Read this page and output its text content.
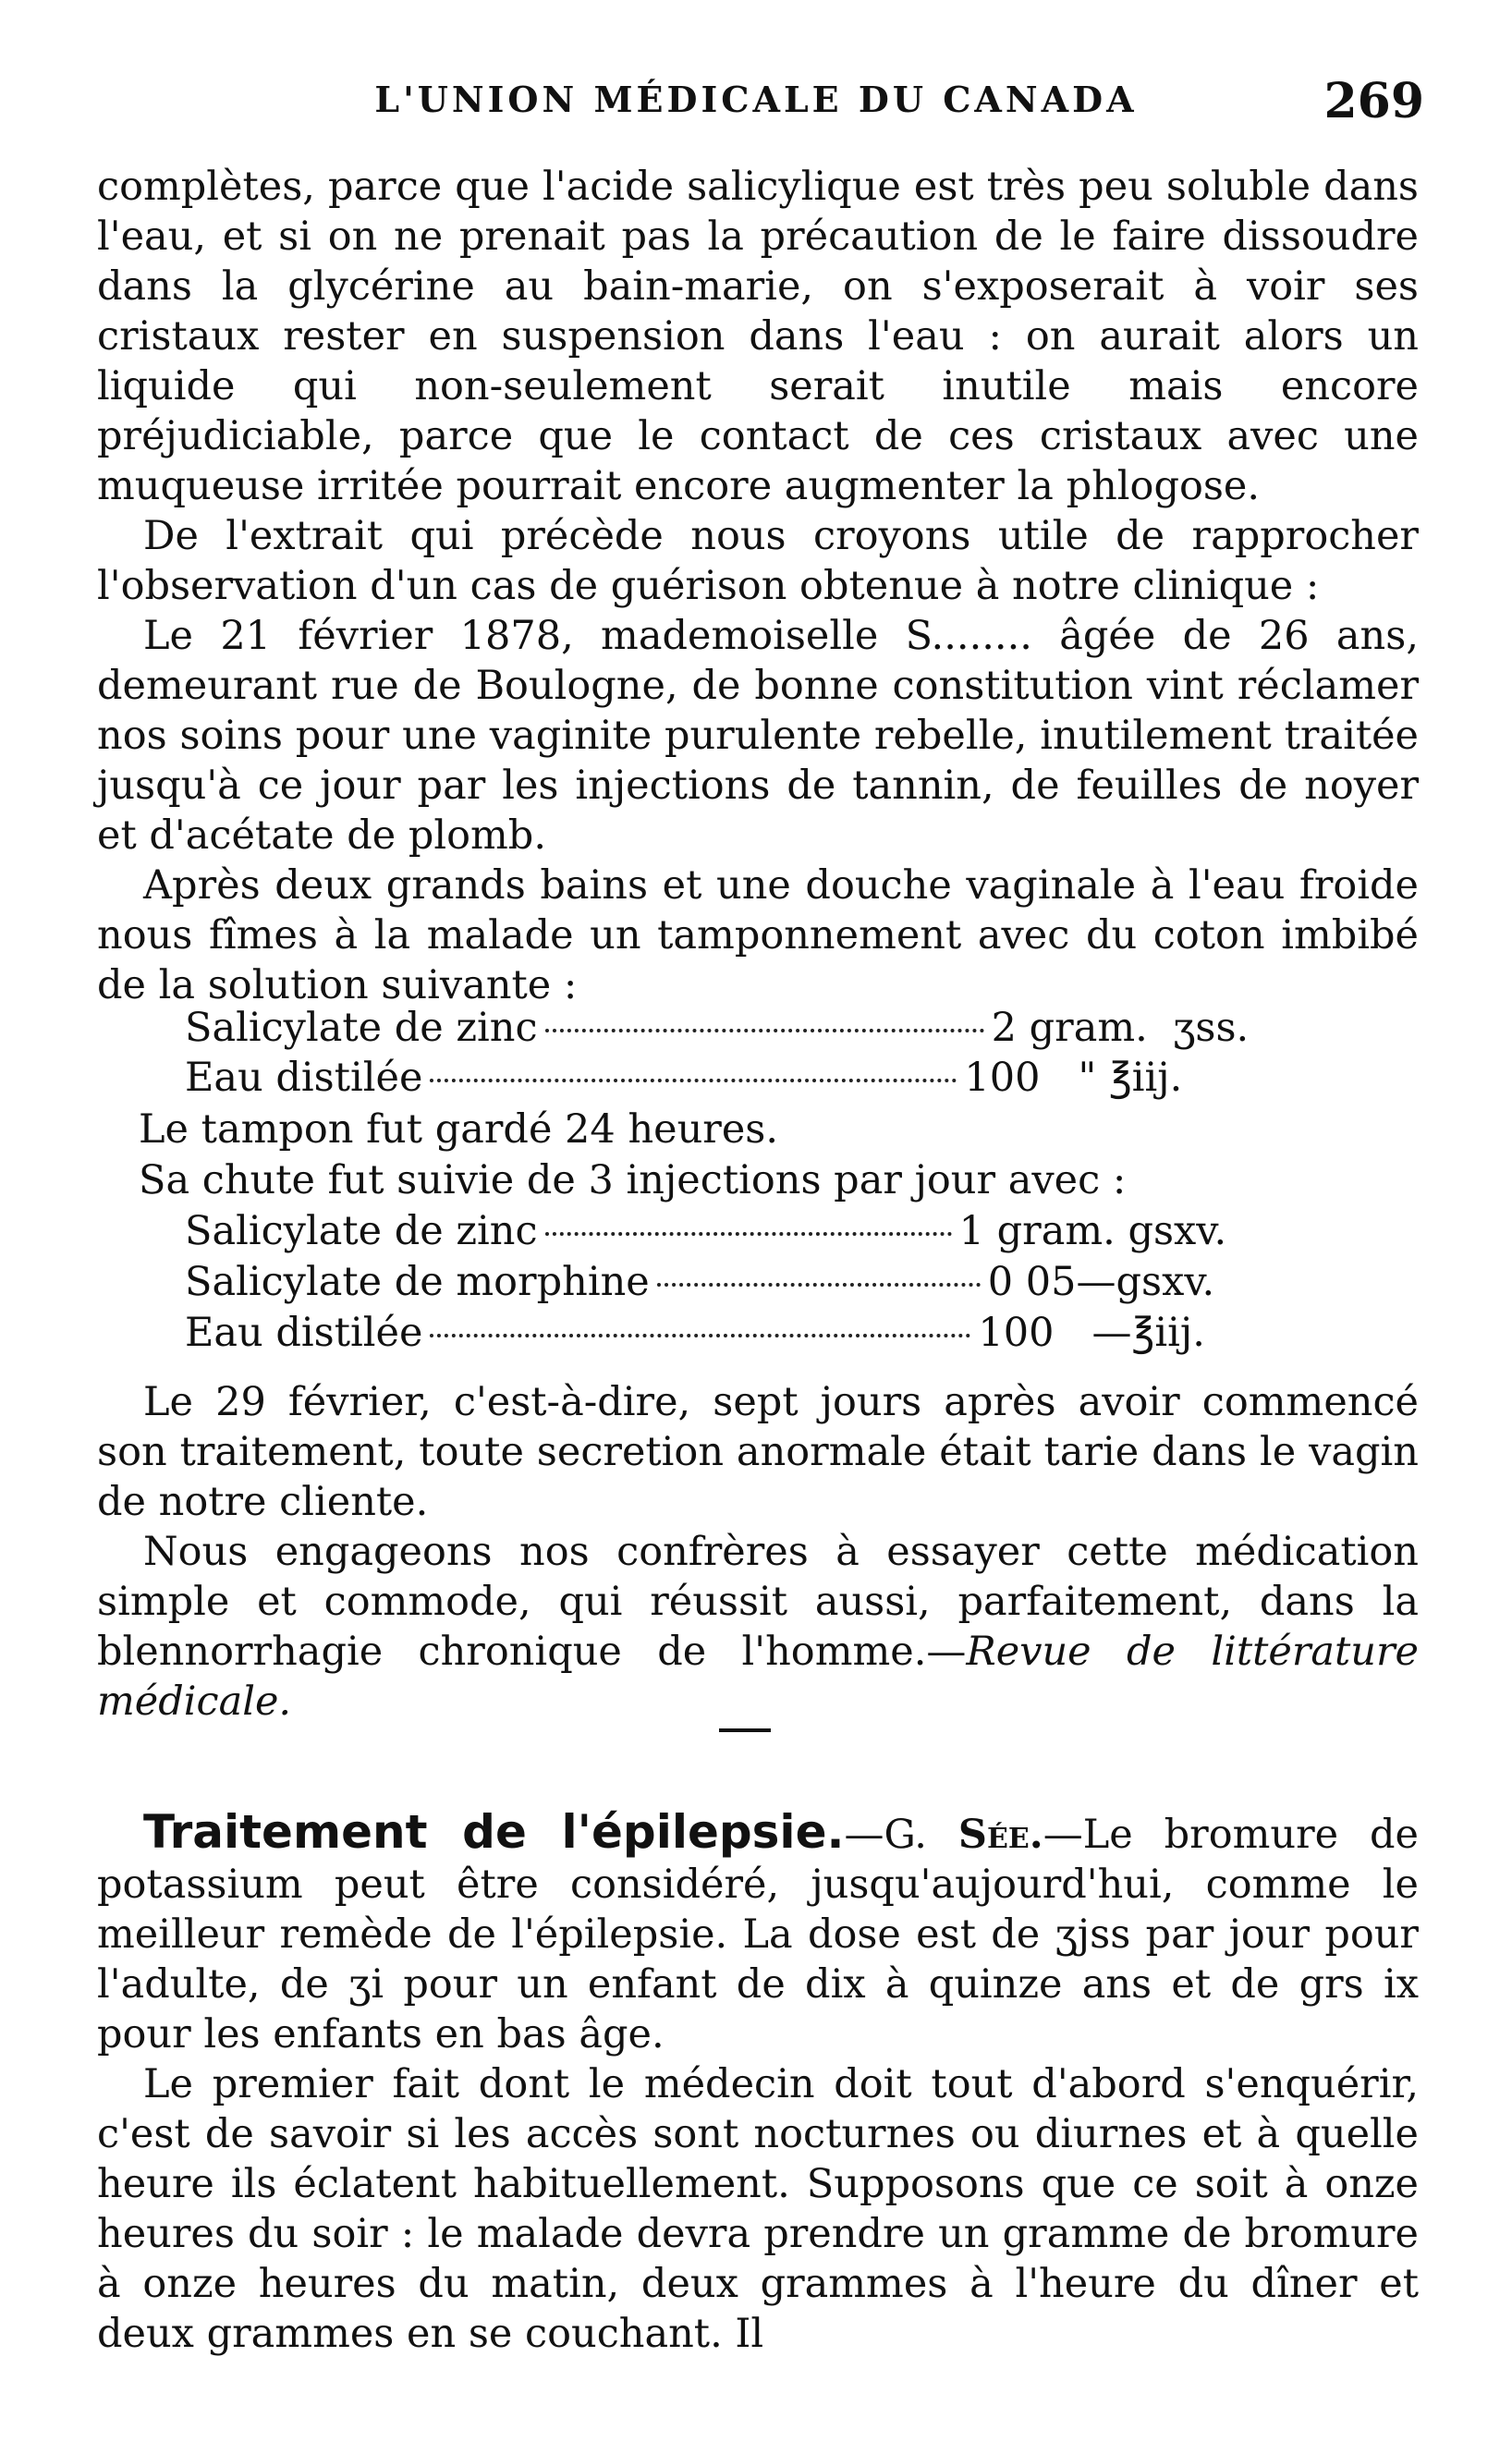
L'UNION MÉDICALE DU CANADA	269

complètes, parce que l'acide salicylique est très peu soluble dans l'eau, et si on ne prenait pas la précaution de le faire dissoudre dans la glycérine au bain-marie, on s'exposerait à voir ses cristaux rester en suspension dans l'eau : on aurait alors un liquide qui non-seulement serait inutile mais encore préjudiciable, parce que le contact de ces cristaux avec une muqueuse irritée pourrait encore augmenter la phlogose.

De l'extrait qui précède nous croyons utile de rapprocher l'observation d'un cas de guérison obtenue à notre clinique :

Le 21 février 1878, mademoiselle S........ âgée de 26 ans, demeurant rue de Boulogne, de bonne constitution vint réclamer nos soins pour une vaginite purulente rebelle, inutilement traitée jusqu'à ce jour par les injections de tannin, de feuilles de noyer et d'acétate de plomb.

Après deux grands bains et une douche vaginale à l'eau froide nous fîmes à la malade un tamponnement avec du coton imbibé de la solution suivante :

Salicylate de zinc	2 gram. ʒss.
Eau distilée	100 " ℥iij.
Le tampon fut gardé 24 heures.
Sa chute fut suivie de 3 injections par jour avec :
Salicylate de zinc	1 gram. gsxv.
Salicylate de morphine	0 05—gsxv.
Eau distilée	100 —℥iij.

Le 29 février, c'est-à-dire, sept jours après avoir commencé son traitement, toute secretion anormale était tarie dans le vagin de notre cliente.

Nous engageons nos confrères à essayer cette médication simple et commode, qui réussit aussi, parfaitement, dans la blennorrhagie chronique de l'homme.—Revue de littérature médicale.

Traitement de l'épilepsie.—G. Sée.—Le bromure de potassium peut être considéré, jusqu'aujourd'hui, comme le meilleur remède de l'épilepsie. La dose est de ʒjss par jour pour l'adulte, de ʒi pour un enfant de dix à quinze ans et de grs ix pour les enfants en bas âge.

Le premier fait dont le médecin doit tout d'abord s'enquérir, c'est de savoir si les accès sont nocturnes ou diurnes et à quelle heure ils éclatent habituellement. Supposons que ce soit à onze heures du soir : le malade devra prendre un gramme de bromure à onze heures du matin, deux grammes à l'heure du dîner et deux grammes en se couchant. Il
